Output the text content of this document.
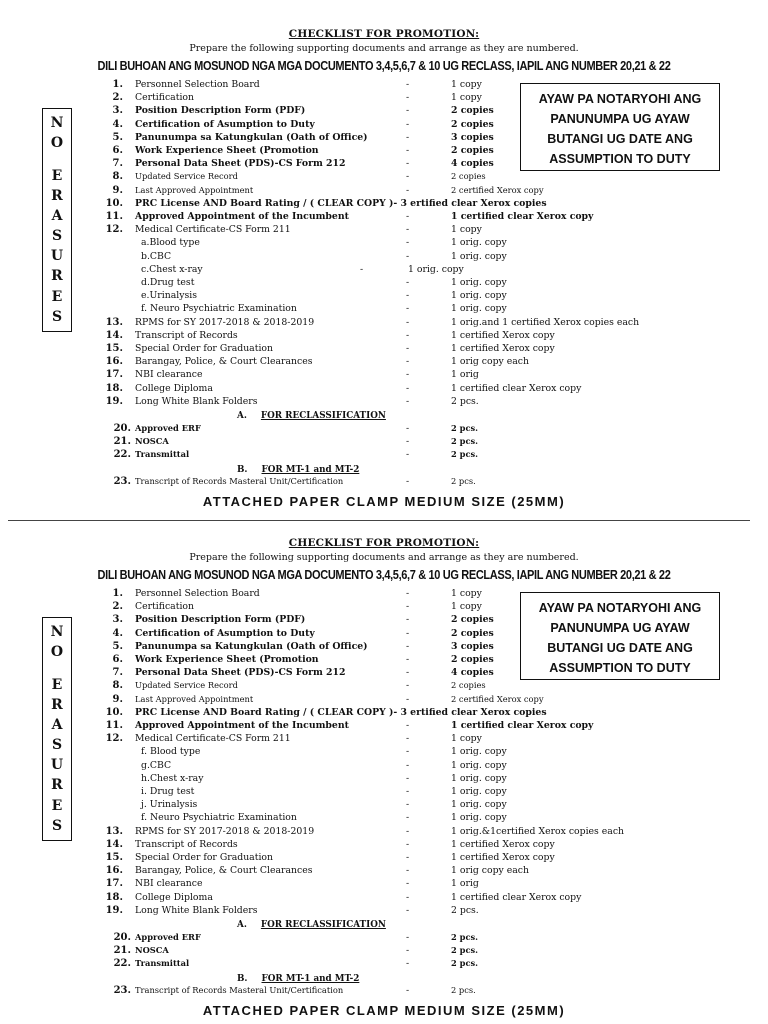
CHECKLIST FOR PROMOTION:
Prepare the following supporting documents and arrange as they are numbered.
DILI BUHOAN ANG MOSUNOD NGA MGA DOCUMENTO 3,4,5,6,7 & 10 UG RECLASS, IAPIL ANG NUMBER 20,21 & 22
N
O
E
R
A
S
U
R
E
S
AYAW PA NOTARYOHI ANG
PANUNUMPA UG AYAW
BUTANGI UG DATE ANG
ASSUMPTION TO DUTY
1. Personnel Selection Board	-	1 copy
2. Certification	-	1 copy
3. Position Description Form (PDF)	-	2 copies
4. Certification of Asumption to Duty	-	2 copies
5. Panunumpa sa Katungkulan (Oath of Office)	-	3 copies
6. Work Experience Sheet (Promotion	-	2 copies
7. Personal Data Sheet (PDS)-CS Form 212	-	4 copies
8. Updated Service Record	-	2 copies
9. Last Approved Appointment	-	2 certified Xerox copy
10. PRC License AND Board Rating / ( CLEAR COPY )- 3 ertified clear Xerox copies
11. Approved Appointment of the Incumbent	-	1 certified clear Xerox copy
12. Medical Certificate-CS Form 211	-	1 copy
a.Blood type	-	1 orig. copy
b.CBC	-	1 orig. copy
c.Chest x-ray	-	1 orig. copy
d.Drug test	-	1 orig. copy
e.Urinalysis	-	1 orig. copy
f. Neuro Psychiatric Examination	-	1 orig. copy
13. RPMS for SY 2017-2018 & 2018-2019	-	1 orig.and 1 certified Xerox copies each
14. Transcript of Records	-	1 certified Xerox copy
15. Special Order for Graduation	-	1 certified Xerox copy
16. Barangay, Police, & Court Clearances	-	1 orig copy each
17. NBI clearance	-	1 orig
18. College Diploma	-	1 certified clear Xerox copy
19. Long White Blank Folders	-	2 pcs.
A. FOR RECLASSIFICATION
20. Approved ERF	-	2 pcs.
21. NOSCA	-	2 pcs.
22. Transmittal	-	2 pcs.
B. FOR MT-1 and MT-2
23. Transcript of Records Masteral Unit/Certification	-	2 pcs.
ATTACHED PAPER CLAMP MEDIUM SIZE (25MM)
CHECKLIST FOR PROMOTION:
Prepare the following supporting documents and arrange as they are numbered.
DILI BUHOAN ANG MOSUNOD NGA MGA DOCUMENTO 3,4,5,6,7 & 10 UG RECLASS, IAPIL ANG NUMBER 20,21 & 22
N
O
E
R
A
S
U
R
E
S
AYAW PA NOTARYOHI ANG
PANUNUMPA UG AYAW
BUTANGI UG DATE ANG
ASSUMPTION TO DUTY
1. Personnel Selection Board	-	1 copy
2. Certification	-	1 copy
3. Position Description Form (PDF)	-	2 copies
4. Certification of Asumption to Duty	-	2 copies
5. Panunumpa sa Katungkulan (Oath of Office)	-	3 copies
6. Work Experience Sheet (Promotion	-	2 copies
7. Personal Data Sheet (PDS)-CS Form 212	-	4 copies
8. Updated Service Record	-	2 copies
9. Last Approved Appointment	-	2 certified Xerox copy
10. PRC License AND Board Rating / ( CLEAR COPY )- 3 ertified clear Xerox copies
11. Approved Appointment of the Incumbent	-	1 certified clear Xerox copy
12. Medical Certificate-CS Form 211	-	1 copy
f. Blood type	-	1 orig. copy
g.CBC	-	1 orig. copy
h.Chest x-ray	-	1 orig. copy
i. Drug test	-	1 orig. copy
j. Urinalysis	-	1 orig. copy
f. Neuro Psychiatric Examination	-	1 orig. copy
13. RPMS for SY 2017-2018 & 2018-2019	-	1 orig.&1certified Xerox copies each
14. Transcript of Records	-	1 certified Xerox copy
15. Special Order for Graduation	-	1 certified Xerox copy
16. Barangay, Police, & Court Clearances	-	1 orig copy each
17. NBI clearance	-	1 orig
18. College Diploma	-	1 certified clear Xerox copy
19. Long White Blank Folders	-	2 pcs.
A. FOR RECLASSIFICATION
20. Approved ERF	-	2 pcs.
21. NOSCA	-	2 pcs.
22. Transmittal	-	2 pcs.
B. FOR MT-1 and MT-2
23. Transcript of Records Masteral Unit/Certification	-	2 pcs.
ATTACHED PAPER CLAMP MEDIUM SIZE (25MM)
